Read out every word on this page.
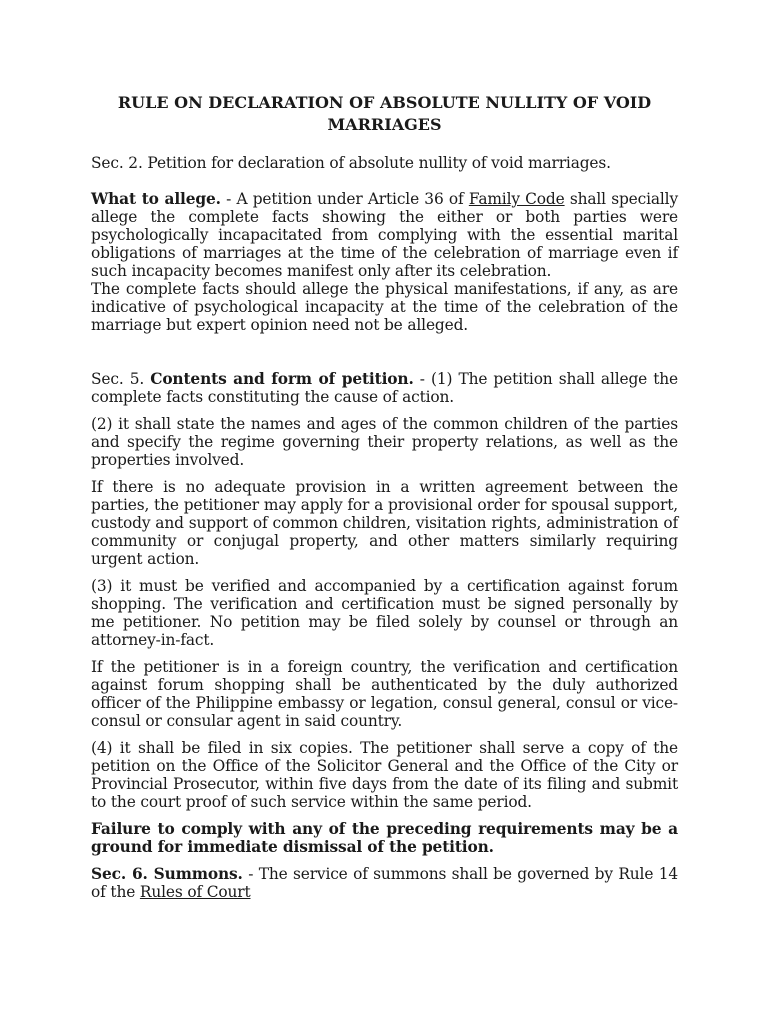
RULE ON DECLARATION OF ABSOLUTE NULLITY OF VOID MARRIAGES

Sec. 2. Petition for declaration of absolute nullity of void marriages.

What to allege. - A petition under Article 36 of Family Code shall specially allege the complete facts showing the either or both parties were psychologically incapacitated from complying with the essential marital obligations of marriages at the time of the celebration of marriage even if such incapacity becomes manifest only after its celebration.

The complete facts should allege the physical manifestations, if any, as are indicative of psychological incapacity at the time of the celebration of the marriage but expert opinion need not be alleged.

Sec. 5. Contents and form of petition. - (1) The petition shall allege the complete facts constituting the cause of action.

(2) it shall state the names and ages of the common children of the parties and specify the regime governing their property relations, as well as the properties involved.

If there is no adequate provision in a written agreement between the parties, the petitioner may apply for a provisional order for spousal support, custody and support of common children, visitation rights, administration of community or conjugal property, and other matters similarly requiring urgent action.

(3) it must be verified and accompanied by a certification against forum shopping. The verification and certification must be signed personally by me petitioner. No petition may be filed solely by counsel or through an attorney-in-fact.

If the petitioner is in a foreign country, the verification and certification against forum shopping shall be authenticated by the duly authorized officer of the Philippine embassy or legation, consul general, consul or vice-consul or consular agent in said country.

(4) it shall be filed in six copies. The petitioner shall serve a copy of the petition on the Office of the Solicitor General and the Office of the City or Provincial Prosecutor, within five days from the date of its filing and submit to the court proof of such service within the same period.

Failure to comply with any of the preceding requirements may be a ground for immediate dismissal of the petition.

Sec. 6. Summons. - The service of summons shall be governed by Rule 14 of the Rules of Court
